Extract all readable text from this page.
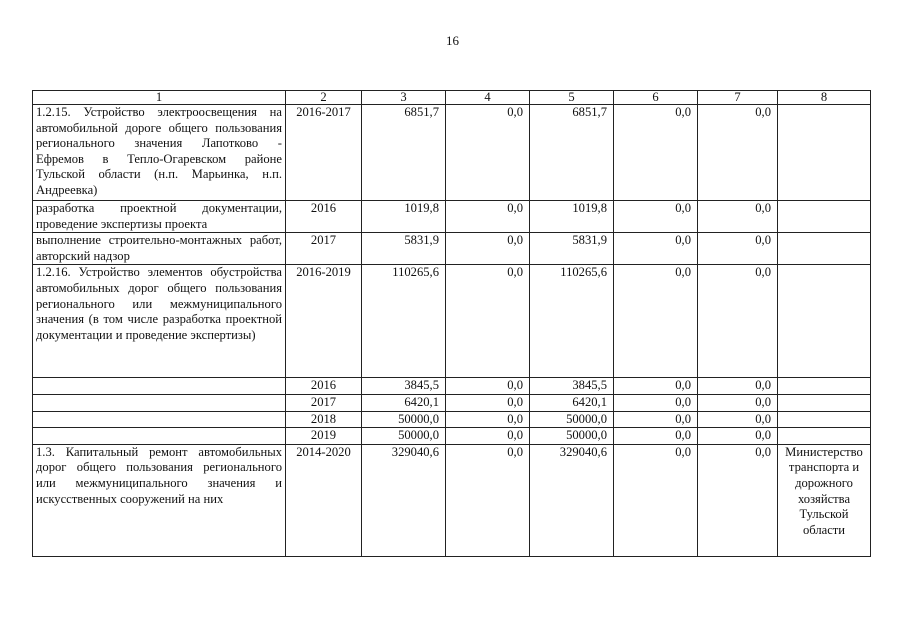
16
1	2	3	4	5	6	7	8
1.2.15. Устройство электроосвещения на автомобильной дороге общего пользования регионального значения Лапотково - Ефремов в Тепло-Огаревском районе Тульской области (н.п. Марьинка, н.п. Андреевка)	2016-2017	6851,7	0,0	6851,7	0,0	0,0	
разработка проектной документации, проведение экспертизы проекта	2016	1019,8	0,0	1019,8	0,0	0,0	
выполнение строительно-монтажных работ, авторский надзор	2017	5831,9	0,0	5831,9	0,0	0,0	
1.2.16. Устройство элементов обустройства автомобильных дорог общего пользования регионального или межмуниципального значения (в том числе разработка проектной документации и проведение экспертизы)	2016-2019	110265,6	0,0	110265,6	0,0	0,0	
	2016	3845,5	0,0	3845,5	0,0	0,0	
	2017	6420,1	0,0	6420,1	0,0	0,0	
	2018	50000,0	0,0	50000,0	0,0	0,0	
	2019	50000,0	0,0	50000,0	0,0	0,0	
1.3. Капитальный ремонт автомобильных дорог общего пользования регионального или межмуниципального значения и искусственных сооружений на них	2014-2020	329040,6	0,0	329040,6	0,0	0,0	Министерство транспорта и дорожного хозяйства Тульской области
